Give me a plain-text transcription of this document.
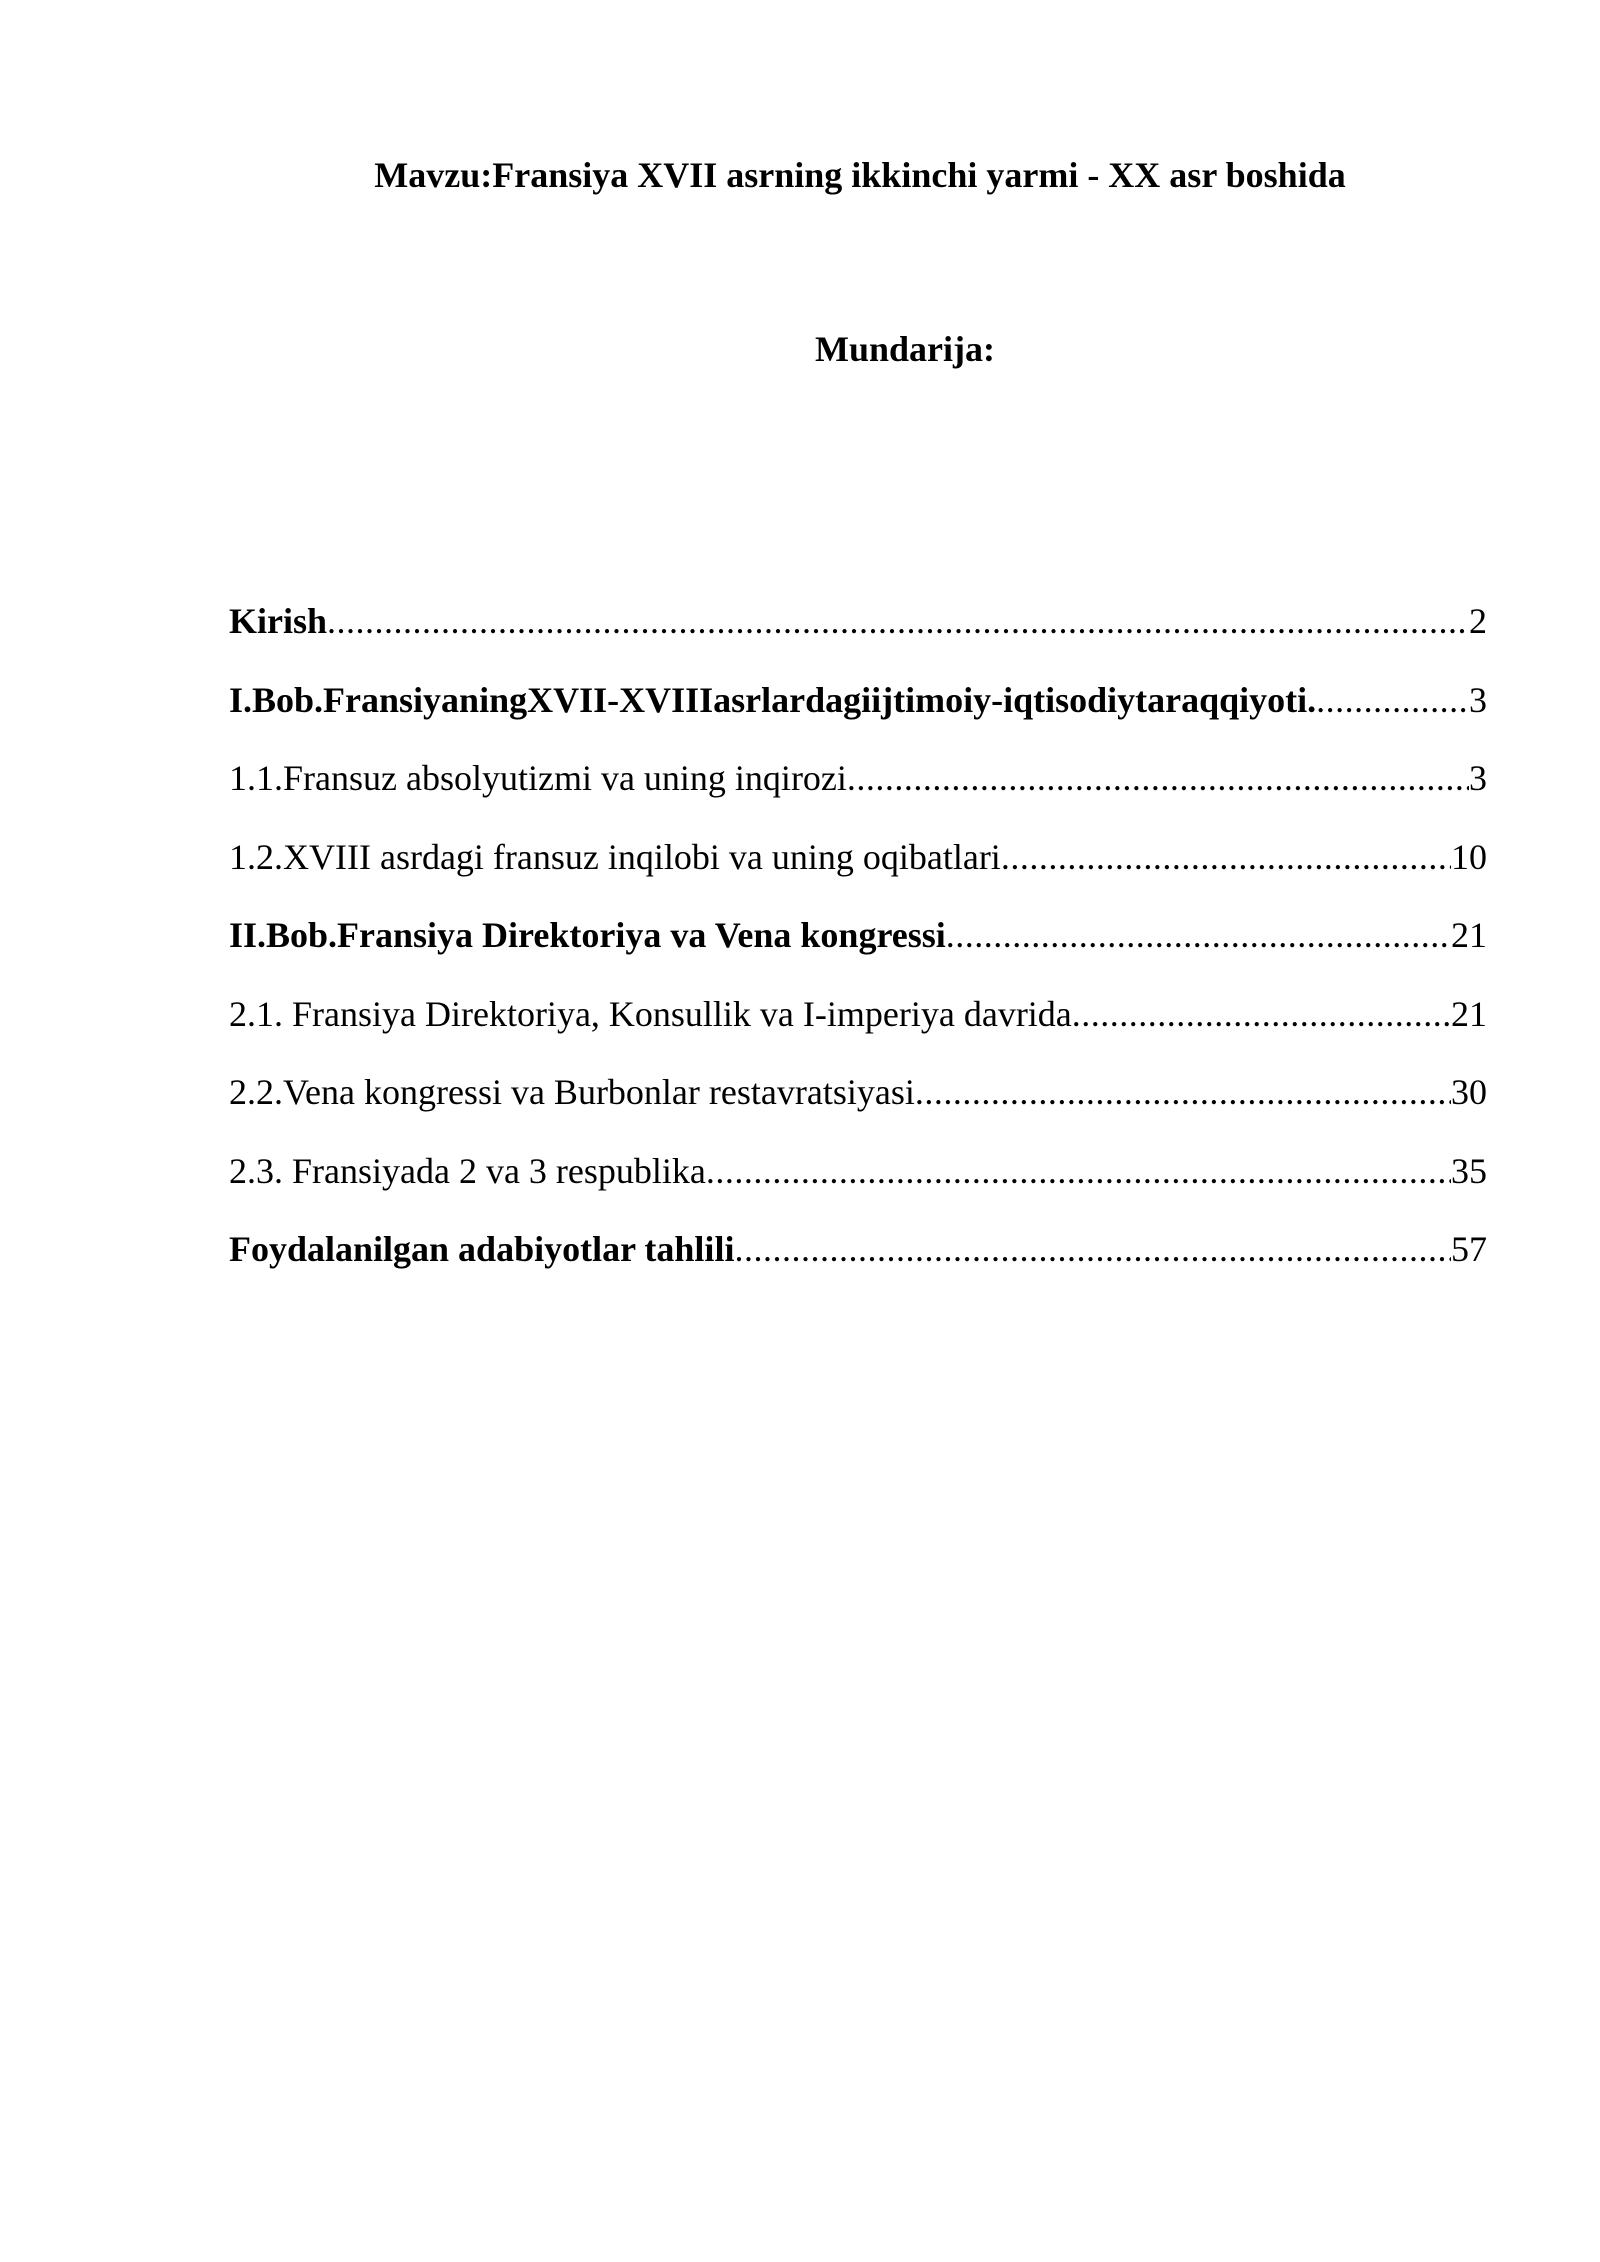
Mavzu:Fransiya XVII asrning ikkinchi yarmi - XX asr boshida
Mundarija:
Kirish .....	2
I.Bob.FransiyaningXVII-XVIIIasrlardagiijtimoiy-iqtisodiytaraqqiyoti. .....	3
1.1.Fransuz absolyutizmi va uning inqirozi .....	3
1.2.XVIII asrdagi fransuz inqilobi va uning oqibatlari .....	10
II.Bob.Fransiya Direktoriya va Vena kongressi .....	21
2.1. Fransiya Direktoriya, Konsullik va I-imperiya davrida .....	21
2.2.Vena kongressi va Burbonlar restavratsiyasi .....	30
2.3. Fransiyada 2 va 3 respublika .....	35
Foydalanilgan adabiyotlar tahlili .....	57
